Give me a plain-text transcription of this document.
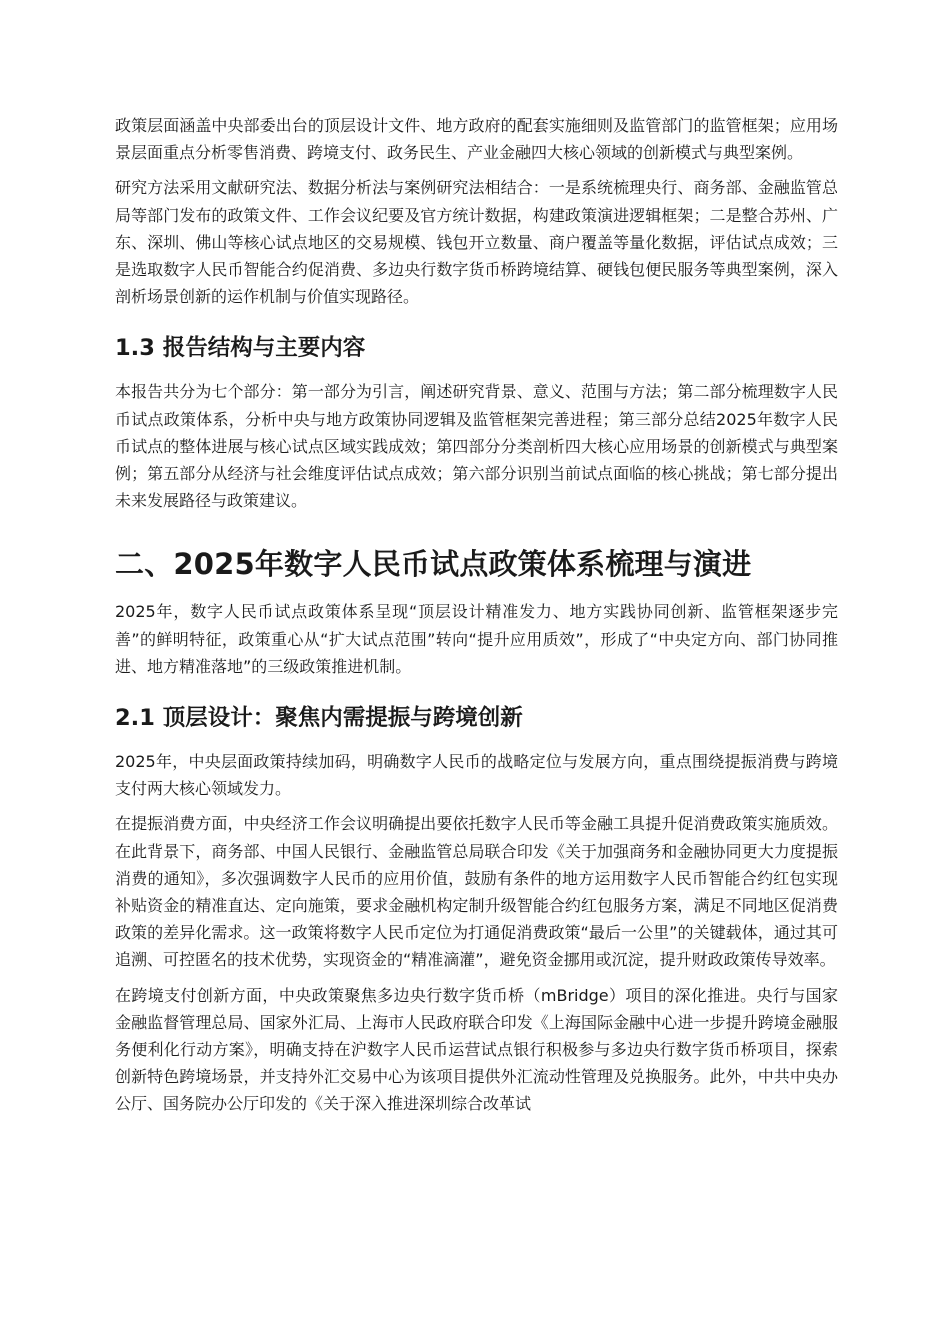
政策层面涵盖中央部委出台的顶层设计文件、地方政府的配套实施细则及监管部门的监管框架；应用场景层面重点分析零售消费、跨境支付、政务民生、产业金融四大核心领域的创新模式与典型案例。

研究方法采用文献研究法、数据分析法与案例研究法相结合：一是系统梳理央行、商务部、金融监管总局等部门发布的政策文件、工作会议纪要及官方统计数据，构建政策演进逻辑框架；二是整合苏州、广东、深圳、佛山等核心试点地区的交易规模、钱包开立数量、商户覆盖等量化数据，评估试点成效；三是选取数字人民币智能合约促消费、多边央行数字货币桥跨境结算、硬钱包便民服务等典型案例，深入剖析场景创新的运作机制与价值实现路径。

1.3 报告结构与主要内容

本报告共分为七个部分：第一部分为引言，阐述研究背景、意义、范围与方法；第二部分梳理数字人民币试点政策体系，分析中央与地方政策协同逻辑及监管框架完善进程；第三部分总结2025年数字人民币试点的整体进展与核心试点区域实践成效；第四部分分类剖析四大核心应用场景的创新模式与典型案例；第五部分从经济与社会维度评估试点成效；第六部分识别当前试点面临的核心挑战；第七部分提出未来发展路径与政策建议。

二、2025年数字人民币试点政策体系梳理与演进

2025年，数字人民币试点政策体系呈现“顶层设计精准发力、地方实践协同创新、监管框架逐步完善”的鲜明特征，政策重心从“扩大试点范围”转向“提升应用质效”，形成了“中央定方向、部门协同推进、地方精准落地”的三级政策推进机制。

2.1 顶层设计：聚焦内需提振与跨境创新

2025年，中央层面政策持续加码，明确数字人民币的战略定位与发展方向，重点围绕提振消费与跨境支付两大核心领域发力。

在提振消费方面，中央经济工作会议明确提出要依托数字人民币等金融工具提升促消费政策实施质效。在此背景下，商务部、中国人民银行、金融监管总局联合印发《关于加强商务和金融协同更大力度提振消费的通知》，多次强调数字人民币的应用价值，鼓励有条件的地方运用数字人民币智能合约红包实现补贴资金的精准直达、定向施策，要求金融机构定制升级智能合约红包服务方案，满足不同地区促消费政策的差异化需求。这一政策将数字人民币定位为打通促消费政策“最后一公里”的关键载体，通过其可追溯、可控匿名的技术优势，实现资金的“精准滴灌”，避免资金挪用或沉淀，提升财政政策传导效率。

在跨境支付创新方面，中央政策聚焦多边央行数字货币桥（mBridge）项目的深化推进。央行与国家金融监督管理总局、国家外汇局、上海市人民政府联合印发《上海国际金融中心进一步提升跨境金融服务便利化行动方案》，明确支持在沪数字人民币运营试点银行积极参与多边央行数字货币桥项目，探索创新特色跨境场景，并支持外汇交易中心为该项目提供外汇流动性管理及兑换服务。此外，中共中央办公厅、国务院办公厅印发的《关于深入推进深圳综合改革试
